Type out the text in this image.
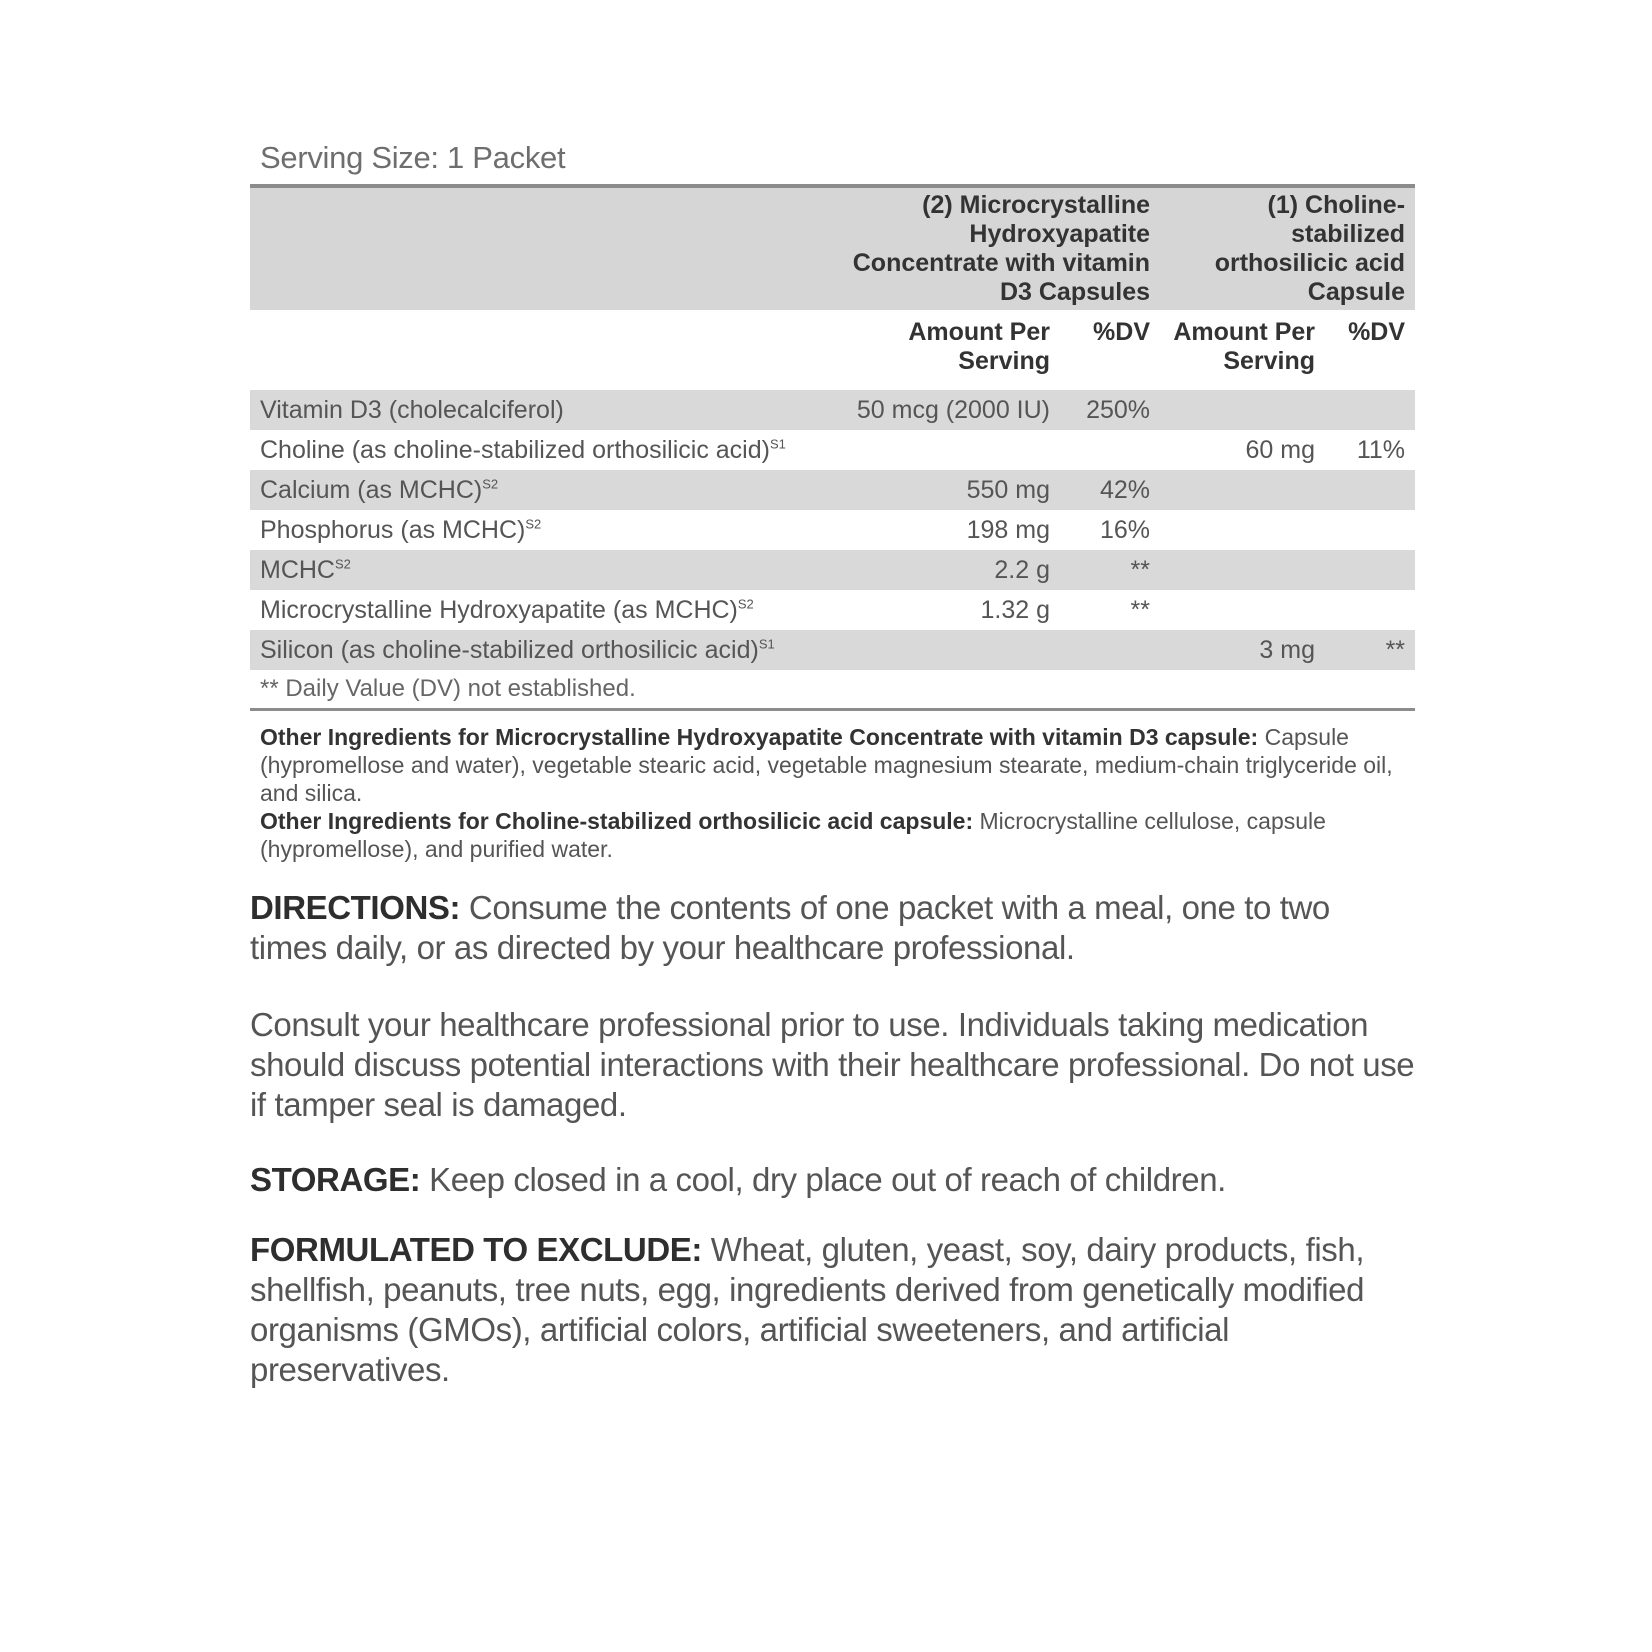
Serving Size: 1 Packet
	(2) Microcrystalline Hydroxyapatite Concentrate with vitamin D3 Capsules		(1) Choline-stabilized orthosilicic acid Capsule	
	Amount Per Serving	%DV	Amount Per Serving	%DV
Vitamin D3 (cholecalciferol)	50 mcg (2000 IU)	250%		
Choline (as choline-stabilized orthosilicic acid)$^{S1}$			60 mg	11%
Calcium (as MCHC)$^{S2}$	550 mg	42%		
Phosphorus (as MCHC)$^{S2}$	198 mg	16%		
$MCHC^{S2}$	2.2 g	**		
Microcrystalline Hydroxyapatite (as MCHC)$^{S2}$	1.32 g	**		
Silicon (as choline-stabilized orthosilicic acid)$^{S1}$			3 mg	**
** Daily Value (DV) not established.				
Other Ingredients for Microcrystalline Hydroxyapatite Concentrate with vitamin D3 capsule: Capsule (hypromellose and water), vegetable stearic acid, vegetable magnesium stearate, medium-chain triglyceride oil, and silica.
Other Ingredients for Choline-stabilized orthosilicic acid capsule: Microcrystalline cellulose, capsule (hypromellose), and purified water.
DIRECTIONS: Consume the contents of one packet with a meal, one to two times daily, or as directed by your healthcare professional.
Consult your healthcare professional prior to use. Individuals taking medication should discuss potential interactions with their healthcare professional. Do not use if tamper seal is damaged.
STORAGE: Keep closed in a cool, dry place out of reach of children.
FORMULATED TO EXCLUDE: Wheat, gluten, yeast, soy, dairy products, fish, shellfish, peanuts, tree nuts, egg, ingredients derived from genetically modified organisms (GMOs), artificial colors, artificial sweeteners, and artificial preservatives.
